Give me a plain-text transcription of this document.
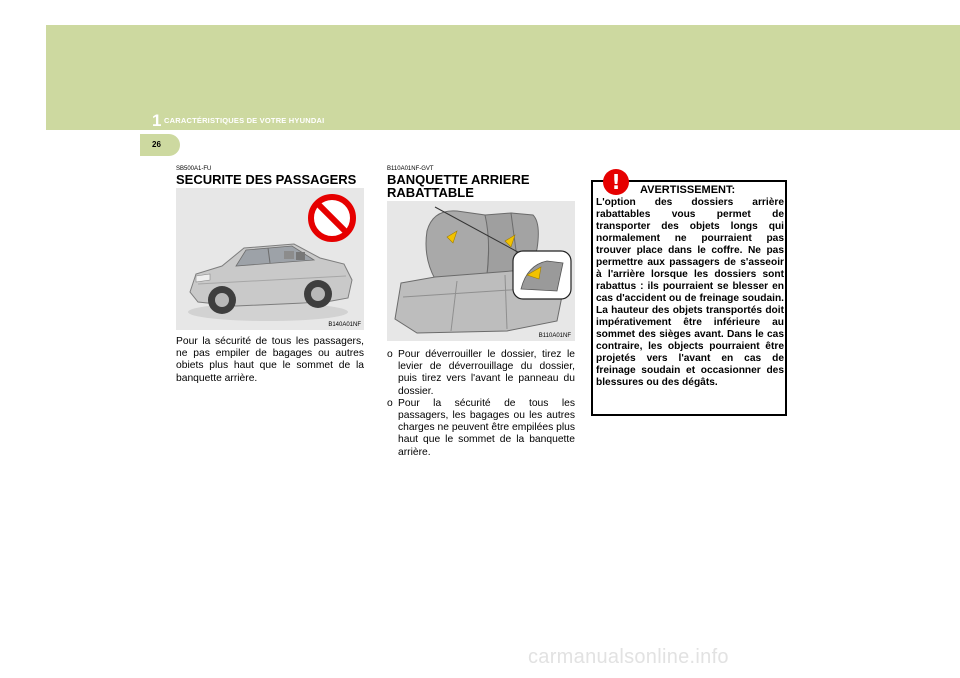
1 CARACTÉRISTIQUES DE VOTRE HYUNDAI
26
SB500A1-FU
SECURITE DES PASSAGERS
B140A01NF
Pour la sécurité de tous les passagers, ne pas empiler de bagages ou autres obiets plus haut que le sommet de la banquette arrière.
B110A01NF-GVT
BANQUETTE ARRIERE
RABATTABLE
B110A01NF
o Pour déverrouiller le dossier, tirez le levier de déverrouillage du dossier, puis tirez vers l'avant le panneau du dossier.
o Pour la sécurité de tous les passagers, les bagages ou les autres charges ne peuvent être empilées plus haut que le sommet de la banquette arrière.
!	AVERTISSEMENT:
L'option des dossiers arrière rabattables vous permet de transporter des objets longs qui normalement ne pourraient pas trouver place dans le coffre. Ne pas permettre aux passagers de s'asseoir à l'arrière lorsque les dossiers sont rabattus : ils pourraient se blesser en cas d'accident ou de freinage soudain. La hauteur des objets transportés doit impérativement être inférieure au sommet des sièges avant. Dans le cas contraire, les objects pourraient être projetés vers l'avant en cas de freinage soudain et occasionner des blessures ou des dégâts.
carmanualsonline.info
